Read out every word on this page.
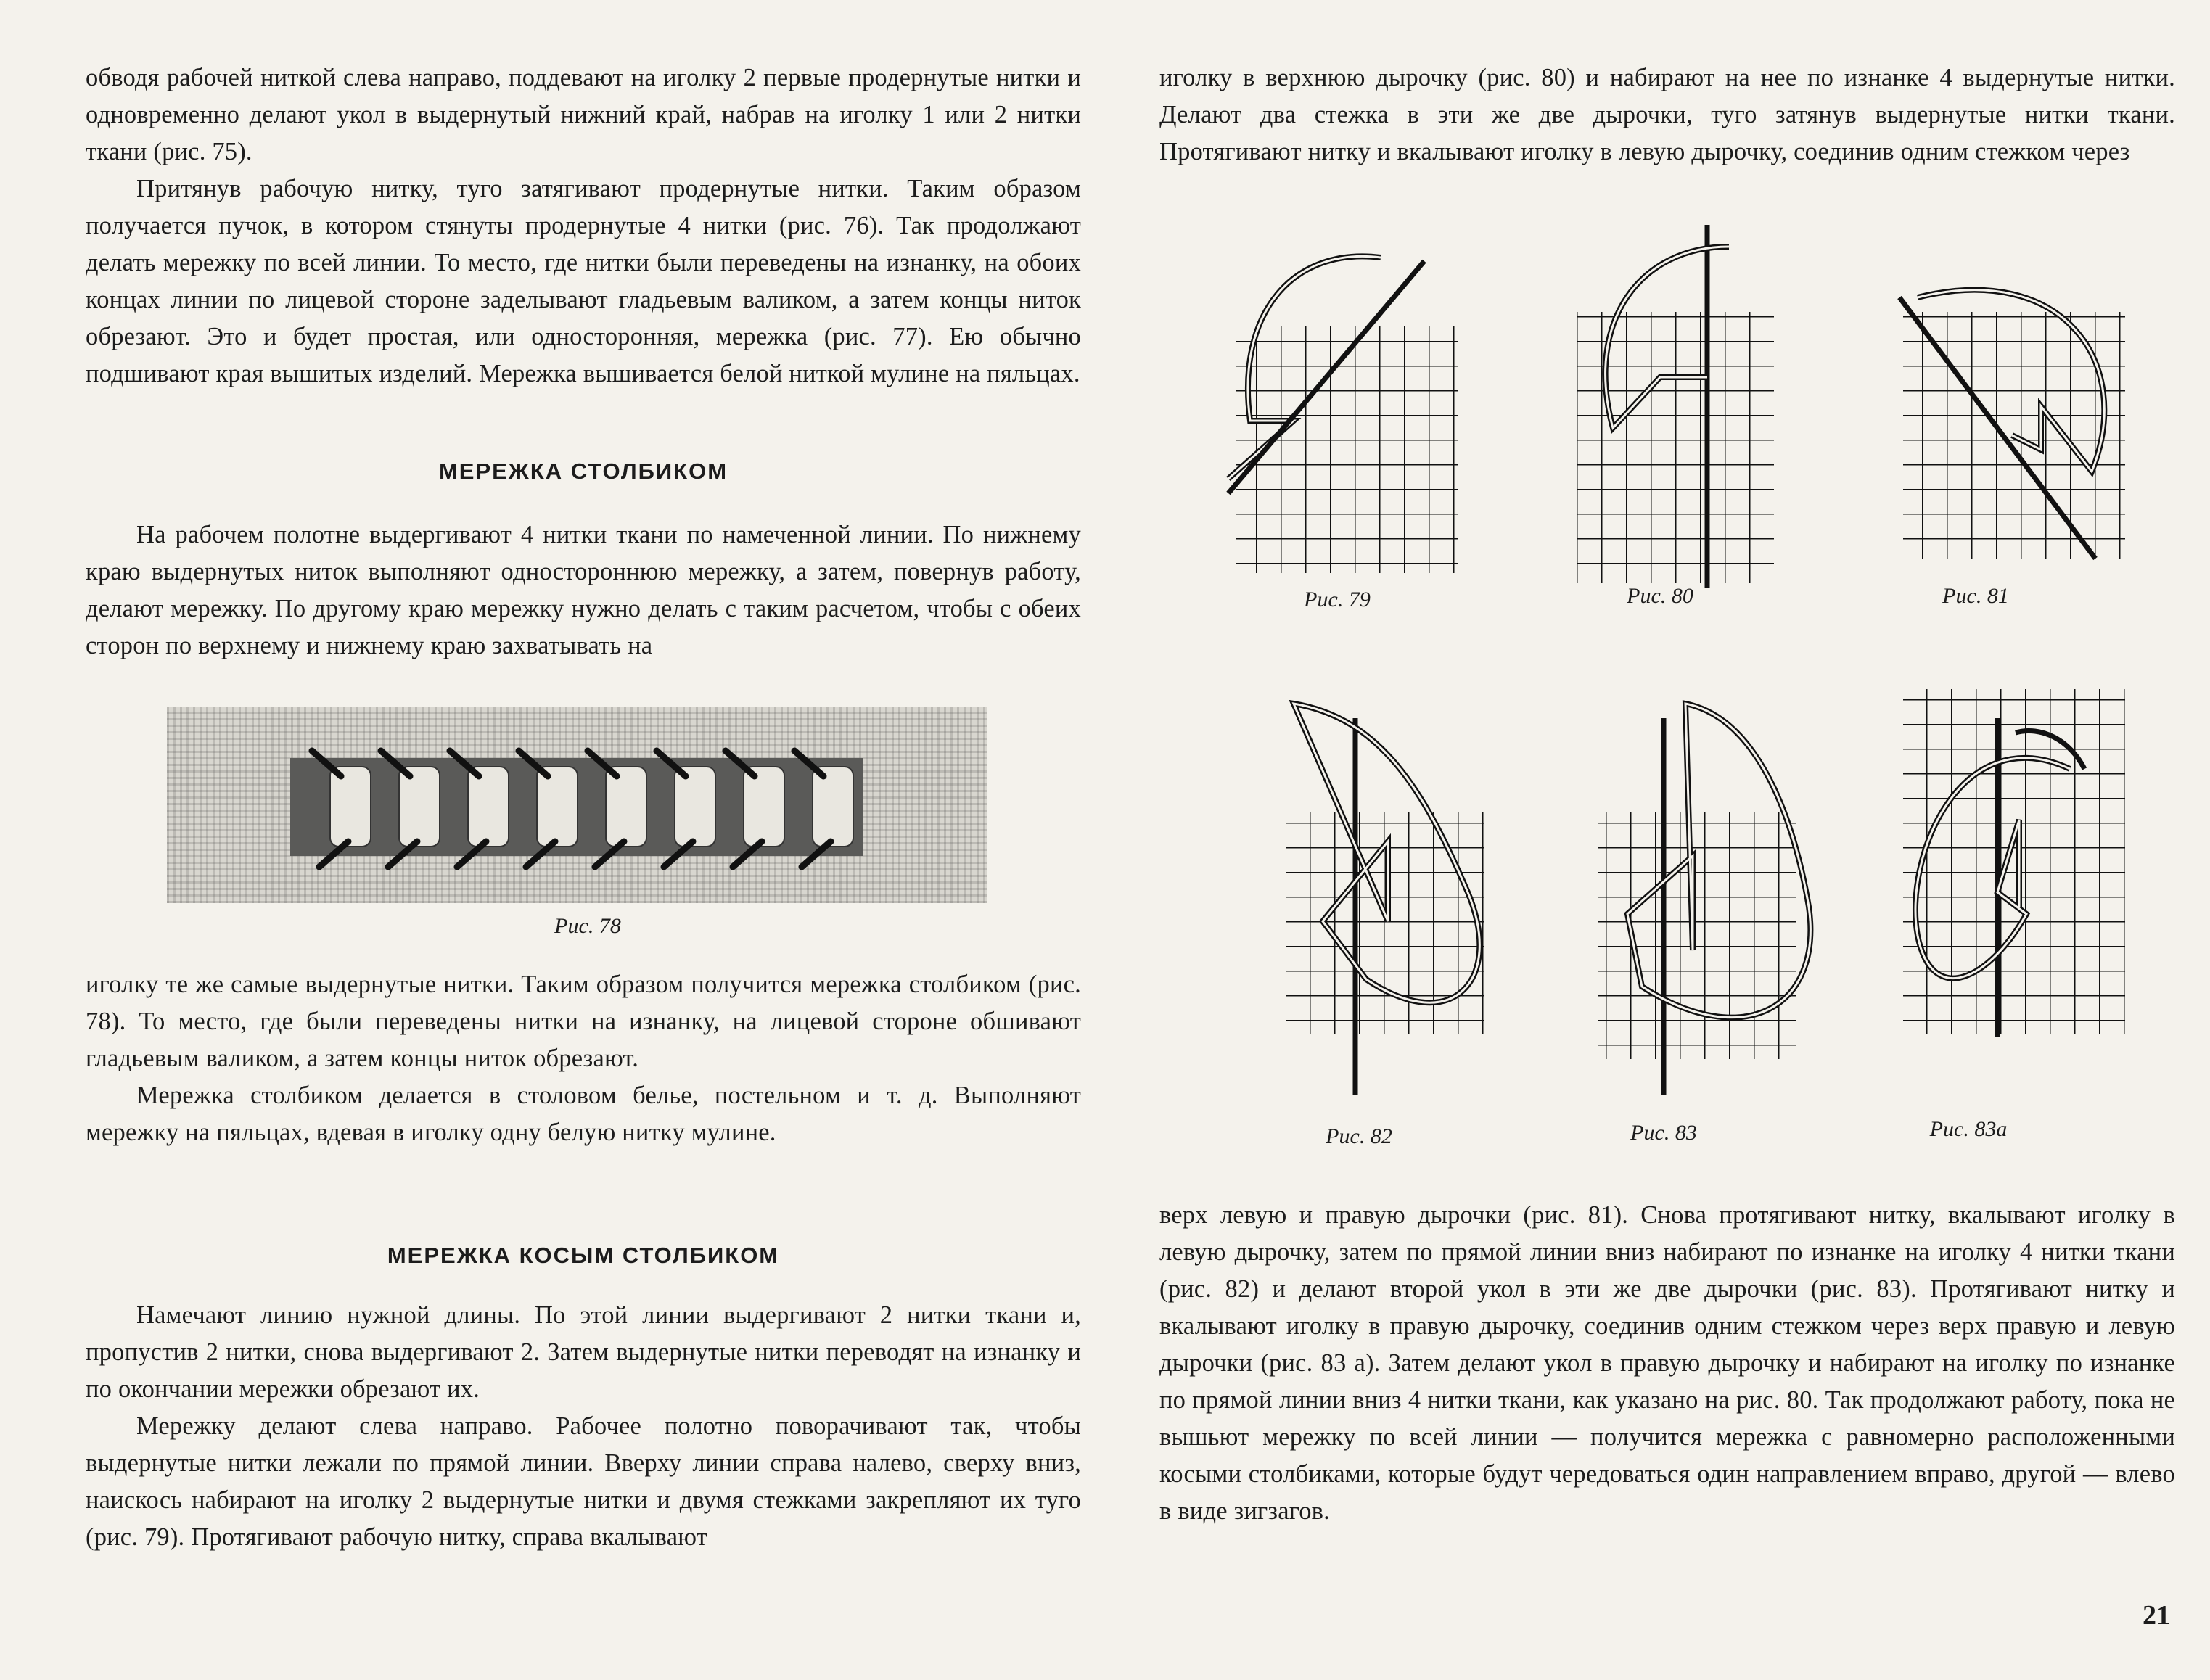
обводя рабочей ниткой слева направо, поддевают на иголку 2 первые продернутые нитки и одновременно делают укол в выдернутый нижний край, набрав на иголку 1 или 2 нитки ткани (рис. 75).

Притянув рабочую нитку, туго затягивают продернутые нитки. Таким образом получается пучок, в котором стянуты продернутые 4 нитки (рис. 76). Так продолжают делать мережку по всей линии. То место, где нитки были переведены на изнанку, на обоих концах линии по лицевой стороне заделывают гладьевым валиком, а затем концы ниток обрезают. Это и будет простая, или односторонняя, мережка (рис. 77). Ею обычно подшивают края вышитых изделий. Мережка вышивается белой ниткой мулине на пяльцах.

МЕРЕЖКА СТОЛБИКОМ

На рабочем полотне выдергивают 4 нитки ткани по намеченной линии. По нижнему краю выдернутых ниток выполняют одностороннюю мережку, а затем, повернув работу, делают мережку. По другому краю мережку нужно делать с таким расчетом, чтобы с обеих сторон по верхнему и нижнему краю захватывать на

Рис. 78

иголку те же самые выдернутые нитки. Таким образом получится мережка столбиком (рис. 78). То место, где были переведены нитки на изнанку, на лицевой стороне обшивают гладьевым валиком, а затем концы ниток обрезают.

Мережка столбиком делается в столовом белье, постельном и т. д. Выполняют мережку на пяльцах, вдевая в иголку одну белую нитку мулине.

МЕРЕЖКА КОСЫМ СТОЛБИКОМ

Намечают линию нужной длины. По этой линии выдергивают 2 нитки ткани и, пропустив 2 нитки, снова выдергивают 2. Затем выдернутые нитки переводят на изнанку и по окончании мережки обрезают их.

Мережку делают слева направо. Рабочее полотно поворачивают так, чтобы выдернутые нитки лежали по прямой линии. Вверху линии справа налево, сверху вниз, наискось набирают на иголку 2 выдернутые нитки и двумя стежками закрепляют их туго (рис. 79). Протягивают рабочую нитку, справа вкалывают

иголку в верхнюю дырочку (рис. 80) и набирают на нее по изнанке 4 выдернутые нитки. Делают два стежка в эти же две дырочки, туго затянув выдернутые нитки ткани. Протягивают нитку и вкалывают иголку в левую дырочку, соединив одним стежком через

Рис. 79	Рис. 80	Рис. 81
Рис. 82	Рис. 83	Рис. 83а

верх левую и правую дырочки (рис. 81). Снова протягивают нитку, вкалывают иголку в левую дырочку, затем по прямой линии вниз набирают по изнанке на иголку 4 нитки ткани (рис. 82) и делают второй укол в эти же две дырочки (рис. 83). Протягивают нитку и вкалывают иголку в правую дырочку, соединив одним стежком через верх правую и левую дырочки (рис. 83 а). Затем делают укол в правую дырочку и набирают на иголку по изнанке по прямой линии вниз 4 нитки ткани, как указано на рис. 80. Так продолжают работу, пока не вышьют мережку по всей линии — получится мережка с равномерно расположенными косыми столбиками, которые будут чередоваться один направлением вправо, другой — влево в виде зигзагов.

21
